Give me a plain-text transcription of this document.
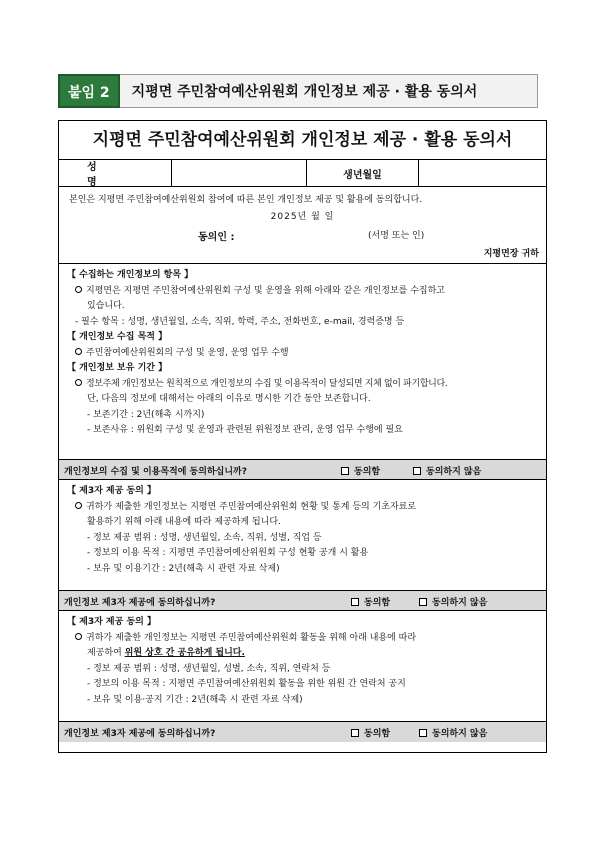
붙임 2	지평면 주민참여예산위원회 개인정보 제공 · 활용 동의서
지평면 주민참여예산위원회 개인정보 제공 · 활용 동의서
성 명
생년월일
본인은 지평면 주민참여예산위원회 참여에 따른 본인 개인정보 제공 및 활용에 동의합니다.
2025년 월 일
동의인 :	(서명 또는 인)
지평면장 귀하
【 수집하는 개인정보의 항목 】
지평면은 지평면 주민참여예산위원회 구성 및 운영을 위해 아래와 같은 개인정보를 수집하고
있습니다.
- 필수 항목 : 성명, 생년월일, 소속, 직위, 학력, 주소, 전화번호, e-mail, 경력증명 등
【 개인정보 수집 목적 】
주민참여예산위원회의 구성 및 운영, 운영 업무 수행
【 개인정보 보유 기간 】
정보주체 개인정보는 원칙적으로 개인정보의 수집 및 이용목적이 달성되면 지체 없이 파기합니다.
단, 다음의 정보에 대해서는 아래의 이유로 명시한 기간 동안 보존합니다.
- 보존기간 : 2년(해촉 시까지)
- 보존사유 : 위원회 구성 및 운영과 관련된 위원정보 관리, 운영 업무 수행에 필요
개인정보의 수집 및 이용목적에 동의하십니까?	동의함	동의하지 않음
【 제3자 제공 동의 】
귀하가 제출한 개인정보는 지평면 주민참여예산위원회 현황 및 통계 등의 기초자료로
활용하기 위해 아래 내용에 따라 제공하게 됩니다.
- 정보 제공 범위 : 성명, 생년월일, 소속, 직위, 성별, 직업 등
- 정보의 이용 목적 : 지평면 주민참여예산위원회 구성 현황 공개 시 활용
- 보유 및 이용기간 : 2년(해촉 시 관련 자료 삭제)
개인정보 제3자 제공에 동의하십니까?	동의함	동의하지 않음
【 제3자 제공 동의 】
귀하가 제출한 개인정보는 지평면 주민참여예산위원회 활동을 위해 아래 내용에 따라
제공하여 위원 상호 간 공유하게 됩니다.
- 정보 제공 범위 : 성명, 생년월일, 성별, 소속, 직위, 연락처 등
- 정보의 이용 목적 : 지평면 주민참여예산위원회 활동을 위한 위원 간 연락처 공지
- 보유 및 이용·공지 기간 : 2년(해촉 시 관련 자료 삭제)
개인정보 제3자 제공에 동의하십니까?	동의함	동의하지 않음
